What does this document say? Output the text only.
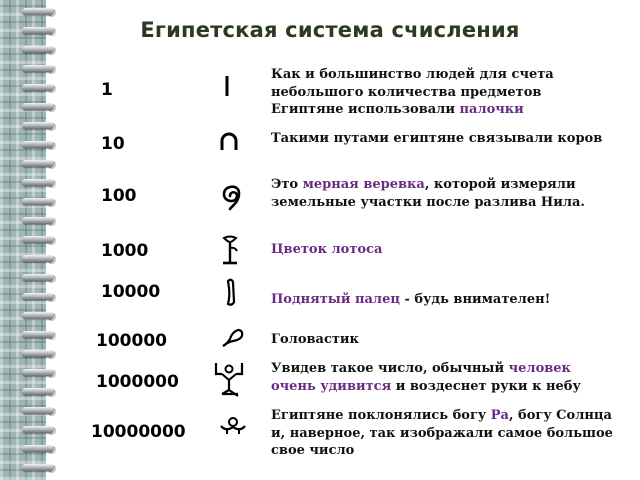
Египетская система счисления
1
10
100
1000
10000
100000
1000000
10000000
Как и большинство людей для счета небольшого количества предметов Египтяне использовали палочки
Такими путами египтяне связывали коров
Это мерная веревка, которой измеряли земельные участки после разлива Нила.
Цветок лотоса
Поднятый палец - будь внимателен!
Головастик
Увидев такое число, обычный человек очень удивится и воздеснет руки к небу
Египтяне поклонялись богу Ра, богу Солнца и, наверное, так изображали самое большое свое число
